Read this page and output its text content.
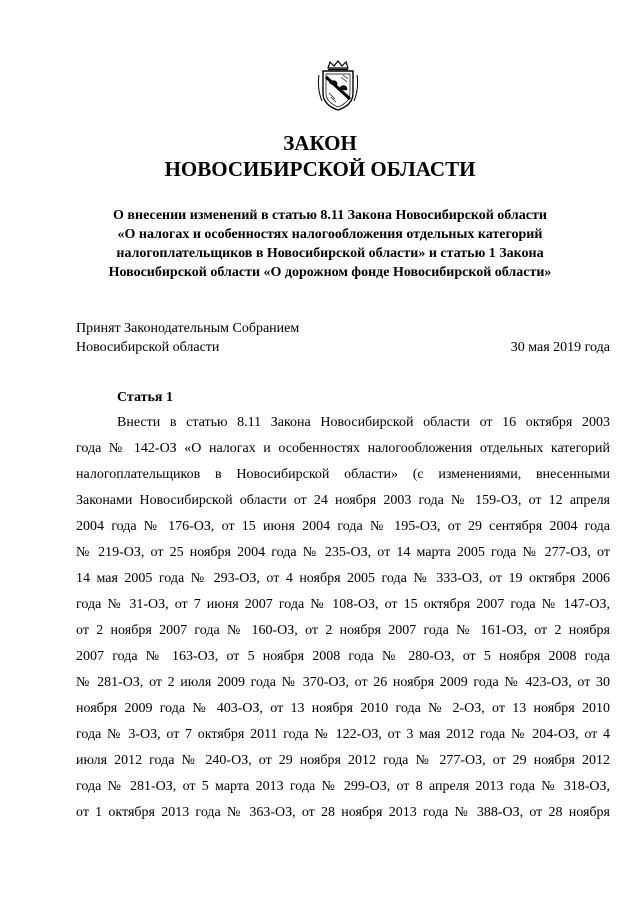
ЗАКОН
НОВОСИБИРСКОЙ ОБЛАСТИ
О внесении изменений в статью 8.11 Закона Новосибирской области
«О налогах и особенностях налогообложения отдельных категорий
налогоплательщиков в Новосибирской области» и статью 1 Закона
Новосибирской области «О дорожном фонде Новосибирской области»
Принят Законодательным Собранием
Новосибирской области	30 мая 2019 года
Статья 1
Внести в статью 8.11 Закона Новосибирской области от 16 октября 2003
года № 142-ОЗ «О налогах и особенностях налогообложения отдельных категорий
налогоплательщиков в Новосибирской области» (с изменениями, внесенными
Законами Новосибирской области от 24 ноября 2003 года № 159-ОЗ, от 12 апреля
2004 года № 176-ОЗ, от 15 июня 2004 года № 195-ОЗ, от 29 сентября 2004 года
№ 219-ОЗ, от 25 ноября 2004 года № 235-ОЗ, от 14 марта 2005 года № 277-ОЗ, от
14 мая 2005 года № 293-ОЗ, от 4 ноября 2005 года № 333-ОЗ, от 19 октября 2006
года № 31-ОЗ, от 7 июня 2007 года № 108-ОЗ, от 15 октября 2007 года № 147-ОЗ,
от 2 ноября 2007 года № 160-ОЗ, от 2 ноября 2007 года № 161-ОЗ, от 2 ноября
2007 года № 163-ОЗ, от 5 ноября 2008 года № 280-ОЗ, от 5 ноября 2008 года
№ 281-ОЗ, от 2 июля 2009 года № 370-ОЗ, от 26 ноября 2009 года № 423-ОЗ, от 30
ноября 2009 года № 403-ОЗ, от 13 ноября 2010 года № 2-ОЗ, от 13 ноября 2010
года № 3-ОЗ, от 7 октября 2011 года № 122-ОЗ, от 3 мая 2012 года № 204-ОЗ, от 4
июля 2012 года № 240-ОЗ, от 29 ноября 2012 года № 277-ОЗ, от 29 ноября 2012
года № 281-ОЗ, от 5 марта 2013 года № 299-ОЗ, от 8 апреля 2013 года № 318-ОЗ,
от 1 октября 2013 года № 363-ОЗ, от 28 ноября 2013 года № 388-ОЗ, от 28 ноября
